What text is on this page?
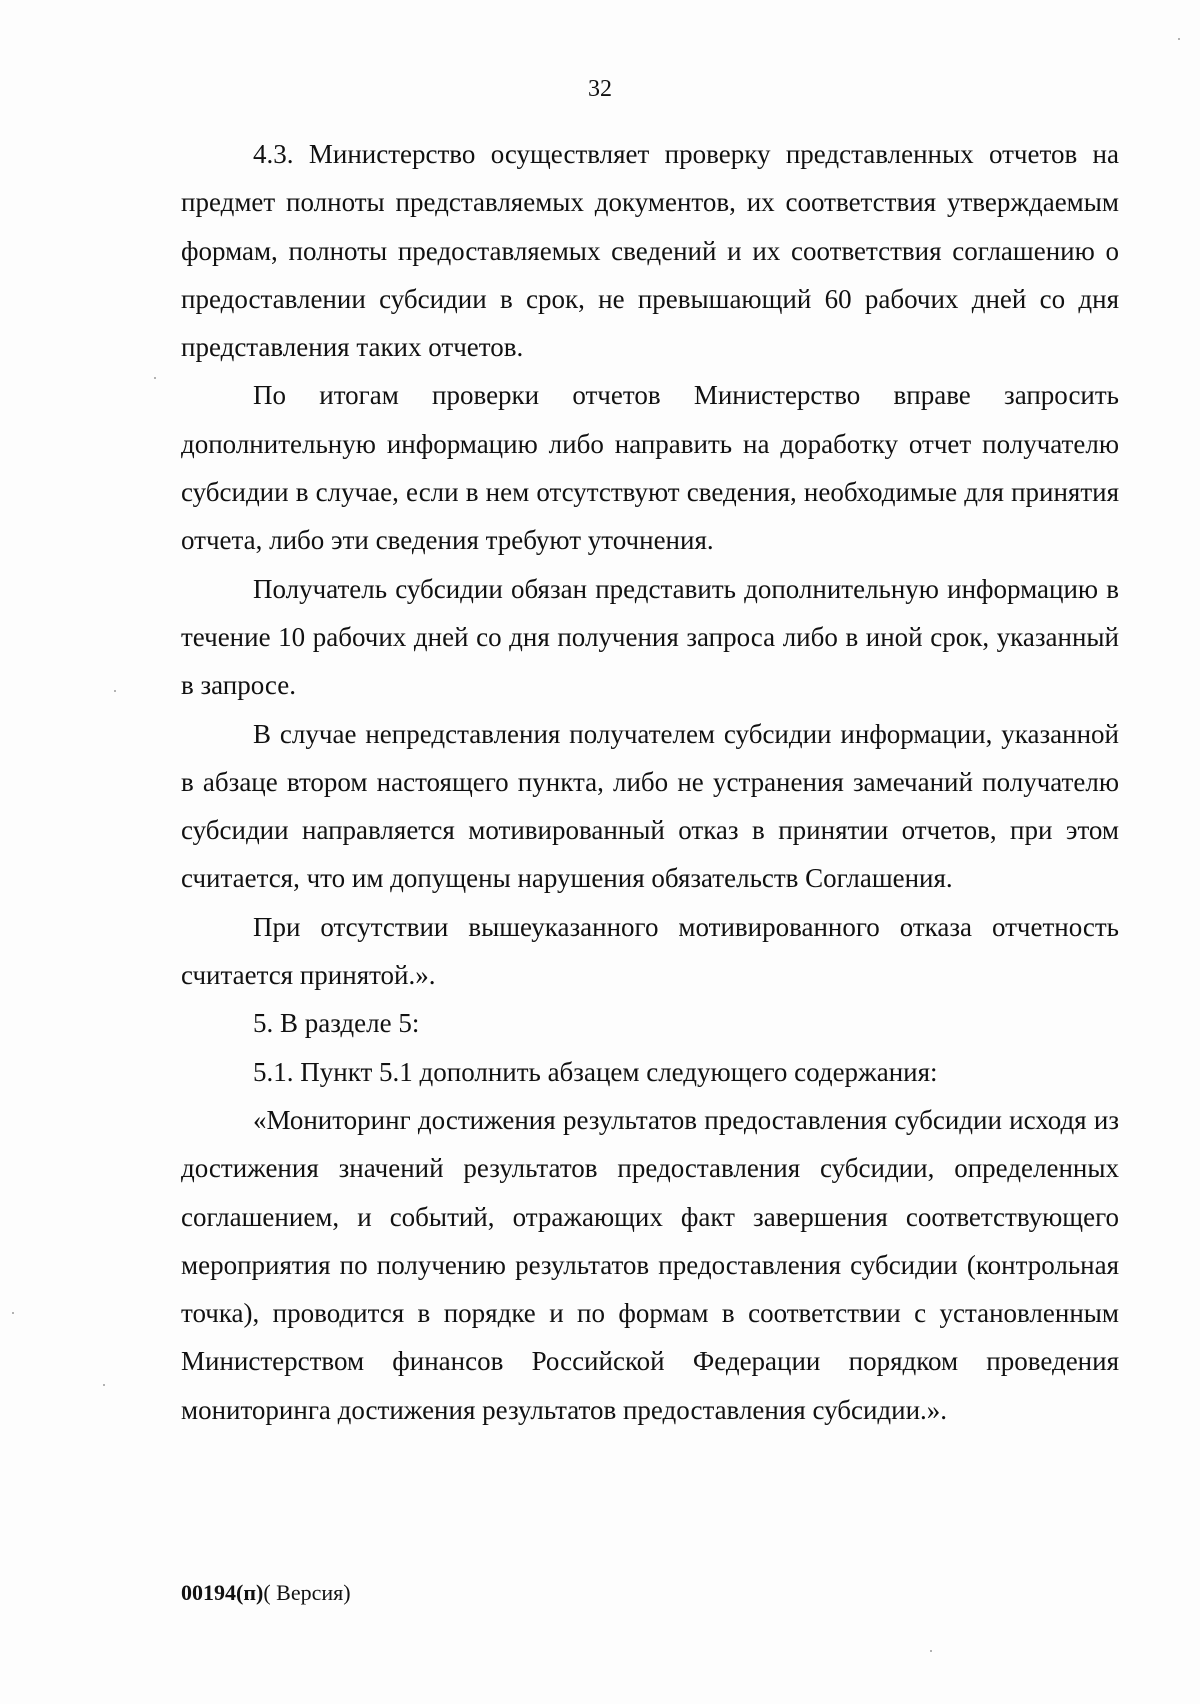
32

4.3. Министерство осуществляет проверку представленных отчетов на предмет полноты представляемых документов, их соответствия утверждаемым формам, полноты предоставляемых сведений и их соответствия соглашению о предоставлении субсидии в срок, не превышающий 60 рабочих дней со дня представления таких отчетов.

По итогам проверки отчетов Министерство вправе запросить дополнительную информацию либо направить на доработку отчет получателю субсидии в случае, если в нем отсутствуют сведения, необходимые для принятия отчета, либо эти сведения требуют уточнения.

Получатель субсидии обязан представить дополнительную информацию в течение 10 рабочих дней со дня получения запроса либо в иной срок, указанный в запросе.

В случае непредставления получателем субсидии информации, указанной в абзаце втором настоящего пункта, либо не устранения замечаний получателю субсидии направляется мотивированный отказ в принятии отчетов, при этом считается, что им допущены нарушения обязательств Соглашения.

При отсутствии вышеуказанного мотивированного отказа отчетность считается принятой.».

5. В разделе 5:

5.1. Пункт 5.1 дополнить абзацем следующего содержания:

«Мониторинг достижения результатов предоставления субсидии исходя из достижения значений результатов предоставления субсидии, определенных соглашением, и событий, отражающих факт завершения соответствующего мероприятия по получению результатов предоставления субсидии (контрольная точка), проводится в порядке и по формам в соответствии с установленным Министерством финансов Российской Федерации порядком проведения мониторинга достижения результатов предоставления субсидии.».

00194(п)( Версия)
